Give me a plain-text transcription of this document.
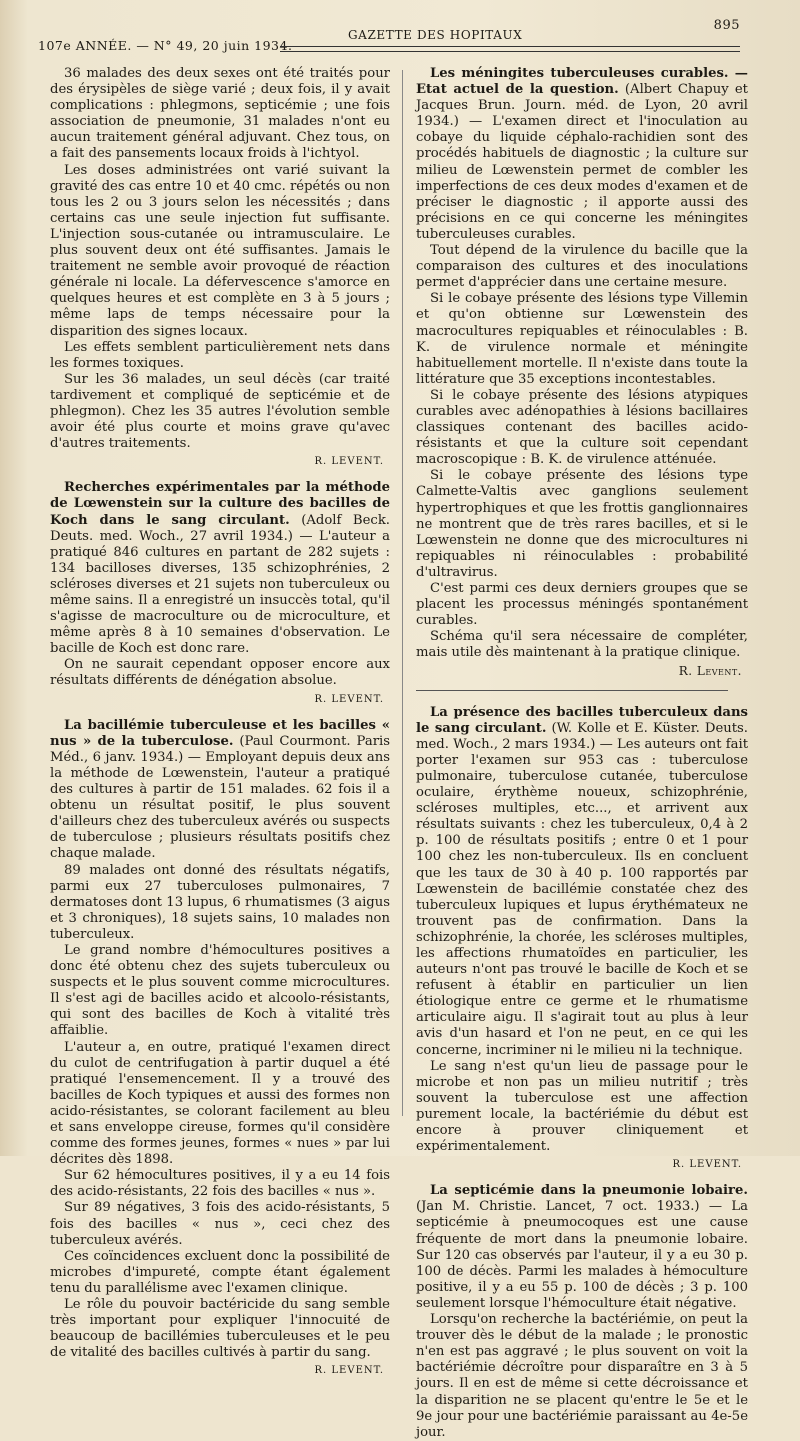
107e ANNÉE. — N° 49, 20 juin 1934.
GAZETTE DES HOPITAUX
895

36 malades des deux sexes ont été traités pour des érysipèles de siège varié ; deux fois, il y avait complications : phlegmons, septicémie ; une fois association de pneumonie, 31 malades n'ont eu aucun traitement général adjuvant. Chez tous, on a fait des pansements locaux froids à l'ichtyol.

Les doses administrées ont varié suivant la gravité des cas entre 10 et 40 cmc. répétés ou non tous les 2 ou 3 jours selon les nécessités ; dans certains cas une seule injection fut suffisante. L'injection sous-cutanée ou intramusculaire. Le plus souvent deux ont été suffisantes. Jamais le traitement ne semble avoir provoqué de réaction générale ni locale. La défervescence s'amorce en quelques heures et est complète en 3 à 5 jours ; même laps de temps nécessaire pour la disparition des signes locaux.

Les effets semblent particulièrement nets dans les formes toxiques.

Sur les 36 malades, un seul décès (car traité tardivement et compliqué de septicémie et de phlegmon). Chez les 35 autres l'évolution semble avoir été plus courte et moins grave qu'avec d'autres traitements.

R. LEVENT.

Recherches expérimentales par la méthode de Lœwenstein sur la culture des bacilles de Koch dans le sang circulant. (Adolf Beck. Deuts. med. Woch., 27 avril 1934.) — L'auteur a pratiqué 846 cultures en partant de 282 sujets : 134 bacilloses diverses, 135 schizophrénies, 2 scléroses diverses et 21 sujets non tuberculeux ou même sains. Il a enregistré un insuccès total, qu'il s'agisse de macroculture ou de microculture, et même après 8 à 10 semaines d'observation. Le bacille de Koch est donc rare.

On ne saurait cependant opposer encore aux résultats différents de dénégation absolue.

R. LEVENT.

La bacillémie tuberculeuse et les bacilles « nus » de la tuberculose. (Paul Courmont. Paris Méd., 6 janv. 1934.) — Employant depuis deux ans la méthode de Lœwenstein, l'auteur a pratiqué des cultures à partir de 151 malades. 62 fois il a obtenu un résultat positif, le plus souvent d'ailleurs chez des tuberculeux avérés ou suspects de tuberculose ; plusieurs résultats positifs chez chaque malade.

89 malades ont donné des résultats négatifs, parmi eux 27 tuberculoses pulmonaires, 7 dermatoses dont 13 lupus, 6 rhumatismes (3 aigus et 3 chroniques), 18 sujets sains, 10 malades non tuberculeux.

Le grand nombre d'hémocultures positives a donc été obtenu chez des sujets tuberculeux ou suspects et le plus souvent comme microcultures. Il s'est agi de bacilles acido et alcoolo-résistants, qui sont des bacilles de Koch à vitalité très affaiblie.

L'auteur a, en outre, pratiqué l'examen direct du culot de centrifugation à partir duquel a été pratiqué l'ensemencement. Il y a trouvé des bacilles de Koch typiques et aussi des formes non acido-résistantes, se colorant facilement au bleu et sans enveloppe cireuse, formes qu'il considère comme des formes jeunes, formes « nues » par lui décrites dès 1898.

Sur 62 hémocultures positives, il y a eu 14 fois des acido-résistants, 22 fois des bacilles « nus ».

Sur 89 négatives, 3 fois des acido-résistants, 5 fois des bacilles « nus », ceci chez des tuberculeux avérés.

Ces coïncidences excluent donc la possibilité de microbes d'impureté, compte étant également tenu du parallélisme avec l'examen clinique.

Le rôle du pouvoir bactéricide du sang semble très important pour expliquer l'innocuité de beaucoup de bacillémies tuberculeuses et le peu de vitalité des bacilles cultivés à partir du sang.

R. LEVENT.

Les méningites tuberculeuses curables. — Etat actuel de la question. (Albert Chapuy et Jacques Brun. Journ. méd. de Lyon, 20 avril 1934.) — L'examen direct et l'inoculation au cobaye du liquide céphalo-rachidien sont des procédés habituels de diagnostic ; la culture sur milieu de Lœwenstein permet de combler les imperfections de ces deux modes d'examen et de préciser le diagnostic ; il apporte aussi des précisions en ce qui concerne les méningites tuberculeuses curables.

Tout dépend de la virulence du bacille que la comparaison des cultures et des inoculations permet d'apprécier dans une certaine mesure.

Si le cobaye présente des lésions type Villemin et qu'on obtienne sur Lœwenstein des macrocultures repiquables et réinoculables : B. K. de virulence normale et méningite habituellement mortelle. Il n'existe dans toute la littérature que 35 exceptions incontestables.

Si le cobaye présente des lésions atypiques curables avec adénopathies à lésions bacillaires classiques contenant des bacilles acido-résistants et que la culture soit cependant macroscopique : B. K. de virulence atténuée.

Si le cobaye présente des lésions type Calmette-Valtis avec ganglions seulement hypertrophiques et que les frottis ganglionnaires ne montrent que de très rares bacilles, et si le Lœwenstein ne donne que des microcultures ni repiquables ni réinoculables : probabilité d'ultravirus.

C'est parmi ces deux derniers groupes que se placent les processus méningés spontanément curables.

Schéma qu'il sera nécessaire de compléter, mais utile dès maintenant à la pratique clinique.

R. Levent.

La présence des bacilles tuberculeux dans le sang circulant. (W. Kolle et E. Küster. Deuts. med. Woch., 2 mars 1934.) — Les auteurs ont fait porter l'examen sur 953 cas : tuberculose pulmonaire, tuberculose cutanée, tuberculose oculaire, érythème noueux, schizophrénie, scléroses multiples, etc..., et arrivent aux résultats suivants : chez les tuberculeux, 0,4 à 2 p. 100 de résultats positifs ; entre 0 et 1 pour 100 chez les non-tuberculeux. Ils en concluent que les taux de 30 à 40 p. 100 rapportés par Lœwenstein de bacillémie constatée chez des tuberculeux lupiques et lupus érythémateux ne trouvent pas de confirmation. Dans la schizophrénie, la chorée, les scléroses multiples, les affections rhumatoïdes en particulier, les auteurs n'ont pas trouvé le bacille de Koch et se refusent à établir en particulier un lien étiologique entre ce germe et le rhumatisme articulaire aigu. Il s'agirait tout au plus à leur avis d'un hasard et l'on ne peut, en ce qui les concerne, incriminer ni le milieu ni la technique.

Le sang n'est qu'un lieu de passage pour le microbe et non pas un milieu nutritif ; très souvent la tuberculose est une affection purement locale, la bactériémie du début est encore à prouver cliniquement et expérimentalement.

R. LEVENT.

La septicémie dans la pneumonie lobaire. (Jan M. Christie. Lancet, 7 oct. 1933.) — La septicémie à pneumocoques est une cause fréquente de mort dans la pneumonie lobaire. Sur 120 cas observés par l'auteur, il y a eu 30 p. 100 de décès. Parmi les malades à hémoculture positive, il y a eu 55 p. 100 de décès ; 3 p. 100 seulement lorsque l'hémoculture était négative.

Lorsqu'on recherche la bactériémie, on peut la trouver dès le début de la malade ; le pronostic n'en est pas aggravé ; le plus souvent on voit la bactériémie décroître pour disparaître en 3 à 5 jours. Il en est de même si cette décroissance et la disparition ne se placent qu'entre le 5e et le 9e jour pour une bactériémie paraissant au 4e-5e jour.
